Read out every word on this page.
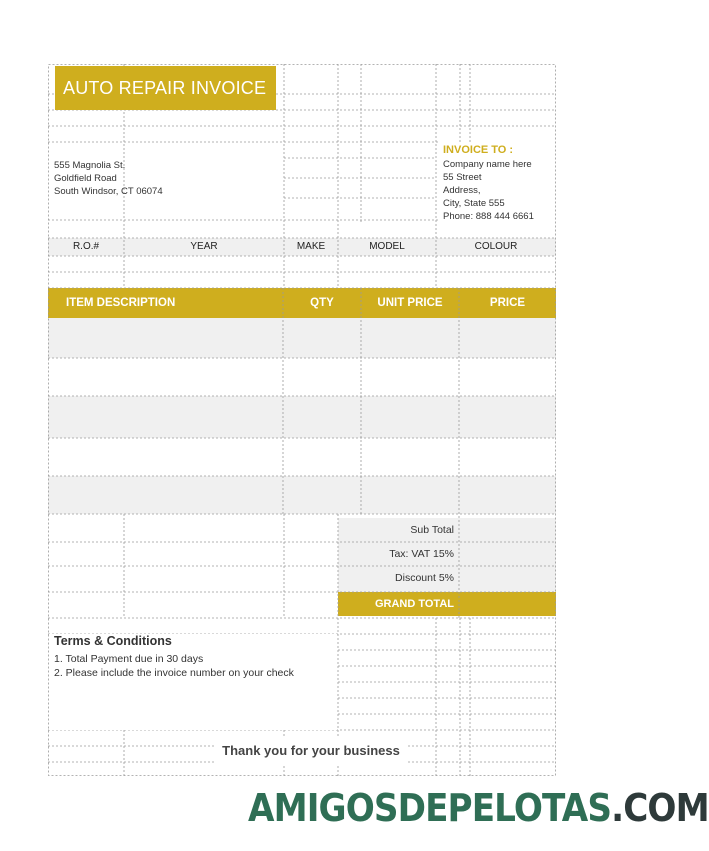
AUTO REPAIR INVOICE
555 Magnolia St.
Goldfield Road
South Windsor, CT 06074
INVOICE TO :
Company name here
55 Street
Address,
City, State 555
Phone: 888 444 6661
R.O.#	YEAR	MAKE	MODEL	COLOUR
ITEM DESCRIPTION	QTY	UNIT PRICE	PRICE
Sub Total
Tax: VAT 15%
Discount 5%
GRAND TOTAL
Terms & Conditions
1. Total Payment due in 30 days
2. Please include the invoice number on your check
Thank you for your business
AMIGOSDEPELOTAS.COM
